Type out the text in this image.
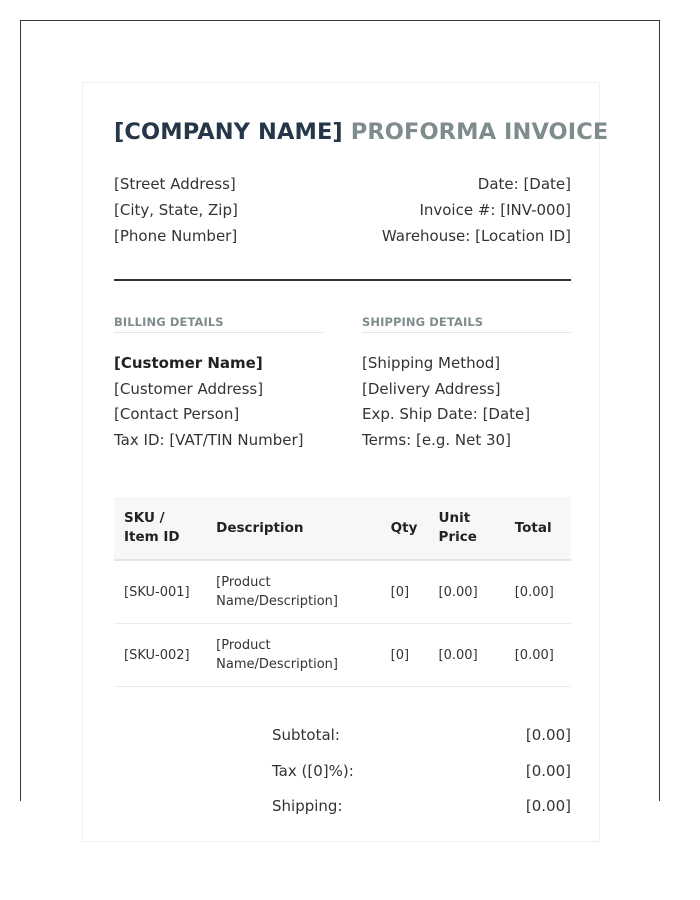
[COMPANY NAME] PROFORMA INVOICE
[Street Address]
[City, State, Zip]
[Phone Number]
Date: [Date]
Invoice #: [INV-000]
Warehouse: [Location ID]
BILLING DETAILS
[Customer Name]
[Customer Address]
[Contact Person]
Tax ID: [VAT/TIN Number]
SHIPPING DETAILS
[Shipping Method]
[Delivery Address]
Exp. Ship Date: [Date]
Terms: [e.g. Net 30]
SKU / Item ID	Description	Qty	Unit Price	Total
[SKU-001]	[Product Name/Description]	[0]	[0.00]	[0.00]
[SKU-002]	[Product Name/Description]	[0]	[0.00]	[0.00]
Subtotal:	[0.00]
Tax ([0]%):	[0.00]
Shipping:	[0.00]
